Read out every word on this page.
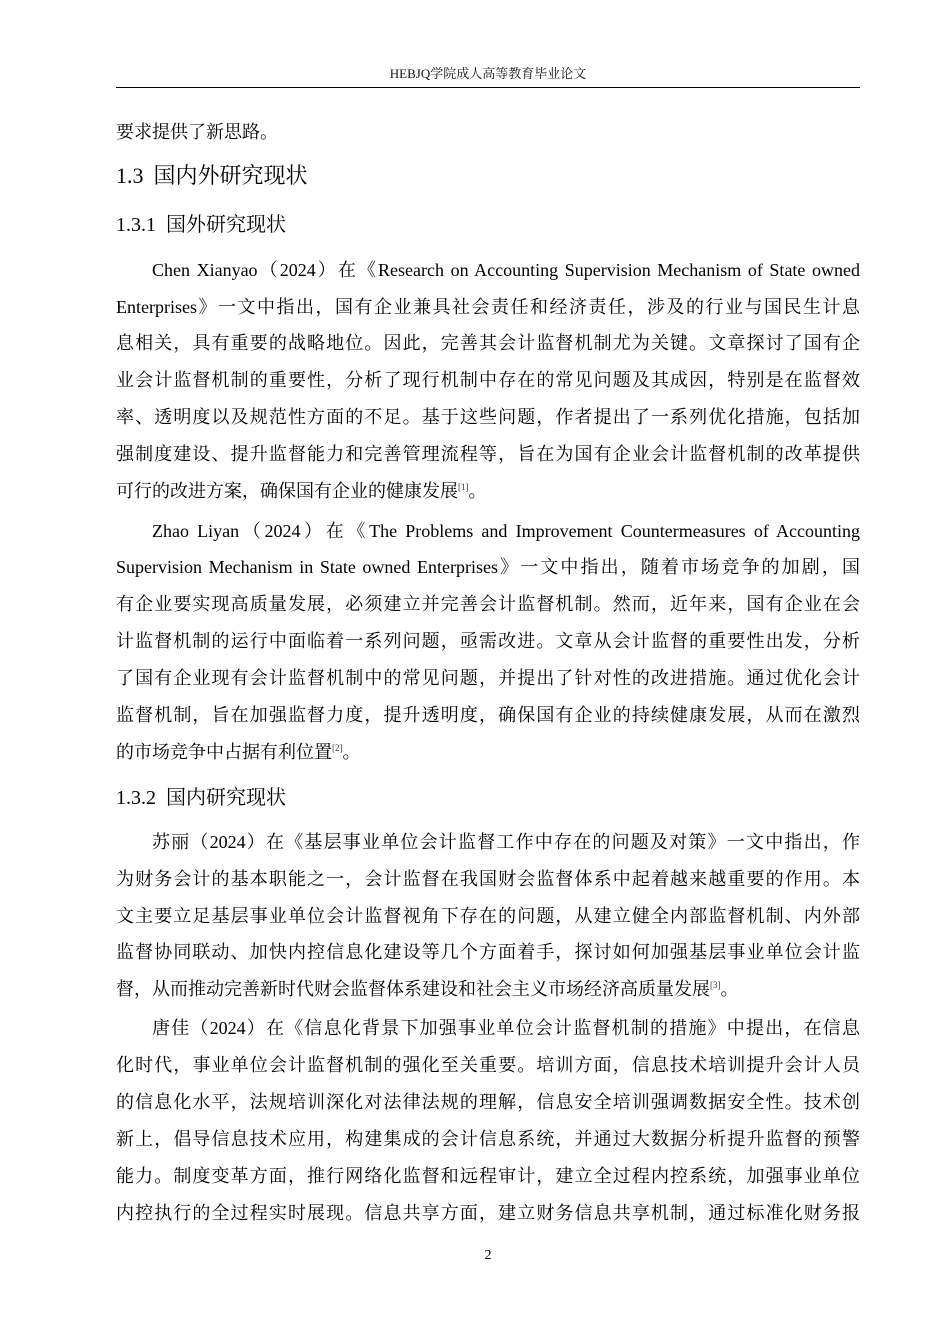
HEBJQ学院成人高等教育毕业论文
要求提供了新思路。
1.3 国内外研究现状
1.3.1 国外研究现状
Chen Xianyao（2024）在《Research on Accounting Supervision Mechanism of State owned
Enterprises》一文中指出，国有企业兼具社会责任和经济责任，涉及的行业与国民生计息
息相关，具有重要的战略地位。因此，完善其会计监督机制尤为关键。文章探讨了国有企
业会计监督机制的重要性，分析了现行机制中存在的常见问题及其成因，特别是在监督效
率、透明度以及规范性方面的不足。基于这些问题，作者提出了一系列优化措施，包括加
强制度建设、提升监督能力和完善管理流程等，旨在为国有企业会计监督机制的改革提供
可行的改进方案，确保国有企业的健康发展[1]。
Zhao Liyan（2024）在《The Problems and Improvement Countermeasures of Accounting
Supervision Mechanism in State owned Enterprises》一文中指出，随着市场竞争的加剧，国
有企业要实现高质量发展，必须建立并完善会计监督机制。然而，近年来，国有企业在会
计监督机制的运行中面临着一系列问题，亟需改进。文章从会计监督的重要性出发，分析
了国有企业现有会计监督机制中的常见问题，并提出了针对性的改进措施。通过优化会计
监督机制，旨在加强监督力度，提升透明度，确保国有企业的持续健康发展，从而在激烈
的市场竞争中占据有利位置[2]。
1.3.2 国内研究现状
苏丽（2024）在《基层事业单位会计监督工作中存在的问题及对策》一文中指出，作
为财务会计的基本职能之一，会计监督在我国财会监督体系中起着越来越重要的作用。本
文主要立足基层事业单位会计监督视角下存在的问题，从建立健全内部监督机制、内外部
监督协同联动、加快内控信息化建设等几个方面着手，探讨如何加强基层事业单位会计监
督，从而推动完善新时代财会监督体系建设和社会主义市场经济高质量发展[3]。
唐佳（2024）在《信息化背景下加强事业单位会计监督机制的措施》中提出，在信息
化时代，事业单位会计监督机制的强化至关重要。培训方面，信息技术培训提升会计人员
的信息化水平，法规培训深化对法律法规的理解，信息安全培训强调数据安全性。技术创
新上，倡导信息技术应用，构建集成的会计信息系统，并通过大数据分析提升监督的预警
能力。制度变革方面，推行网络化监督和远程审计，建立全过程内控系统，加强事业单位
内控执行的全过程实时展现。信息共享方面，建立财务信息共享机制，通过标准化财务报
2
